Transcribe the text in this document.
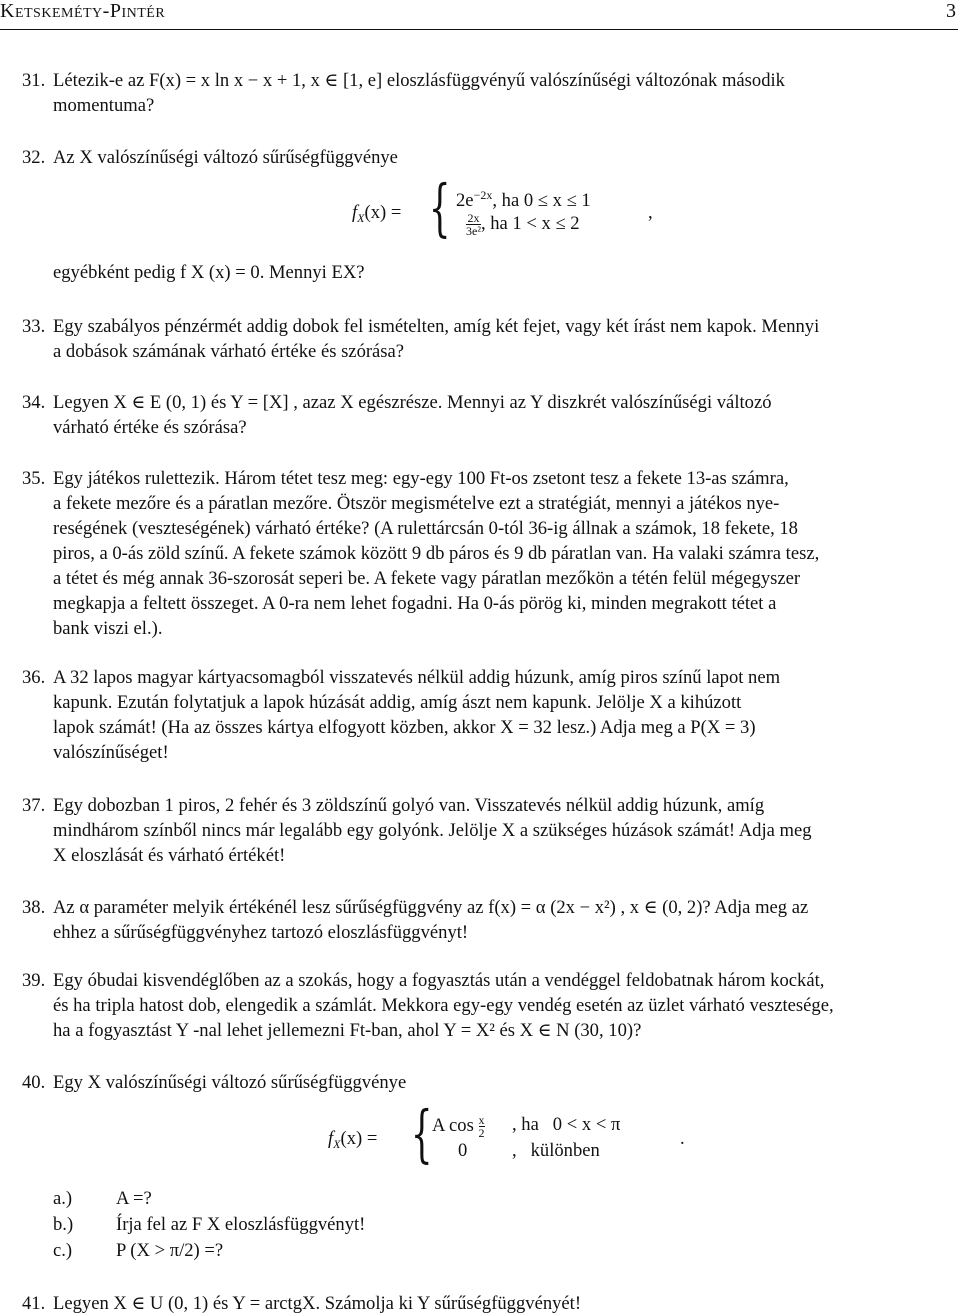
Ketskeméty-Pintér	3
31. Létezik-e az F(x) = x ln x − x + 1, x ∈ [1, e] eloszlásfüggvényű valószínűségi változónak második
momentuma?
32. Az X valószínűségi változó sűrűségfüggvénye
$f_X(x)$ = { $2e^{-2x}$, ha 0 ≤ x ≤ 1
$\frac{2x}{\text{3e²}}$ , ha 1 < x ≤ 2
,
egyébként pedig f X (x) = 0. Mennyi EX?
33. Egy szabályos pénzérmét addig dobok fel ismételten, amíg két fejet, vagy két írást nem kapok. Mennyi
a dobások számának várható értéke és szórása?
34. Legyen X ∈ E (0, 1) és Y = [X] , azaz X egészrésze. Mennyi az Y diszkrét valószínűségi változó
várható értéke és szórása?
35. Egy játékos rulettezik. Három tétet tesz meg: egy-egy 100 Ft-os zsetont tesz a fekete 13-as számra,
a fekete mezőre és a páratlan mezőre. Ötször megismételve ezt a stratégiát, mennyi a játékos nye-
reségének (veszteségének) várható értéke? (A rulettárcsán 0-tól 36-ig állnak a számok, 18 fekete, 18
piros, a 0-ás zöld színű. A fekete számok között 9 db páros és 9 db páratlan van. Ha valaki számra tesz,
a tétet és még annak 36-szorosát seperi be. A fekete vagy páratlan mezőkön a tétén felül mégegyszer
megkapja a feltett összeget. A 0-ra nem lehet fogadni. Ha 0-ás pörög ki, minden megrakott tétet a
bank viszi el.).
36. A 32 lapos magyar kártyacsomagból visszatevés nélkül addig húzunk, amíg piros színű lapot nem
kapunk. Ezután folytatjuk a lapok húzását addig, amíg ászt nem kapunk. Jelölje X a kihúzott
lapok számát! (Ha az összes kártya elfogyott közben, akkor X = 32 lesz.) Adja meg a P(X = 3)
valószínűséget!
37. Egy dobozban 1 piros, 2 fehér és 3 zöldszínű golyó van. Visszatevés nélkül addig húzunk, amíg
mindhárom színből nincs már legalább egy golyónk. Jelölje X a szükséges húzások számát! Adja meg
X eloszlását és várható értékét!
38. Az α paraméter melyik értékénél lesz sűrűségfüggvény az f(x) = α (2x − x²) , x ∈ (0, 2)? Adja meg az
ehhez a sűrűségfüggvényhez tartozó eloszlásfüggvényt!
39. Egy óbudai kisvendéglőben az a szokás, hogy a fogyasztás után a vendéggel feldobatnak három kockát,
és ha tripla hatost dob, elengedik a számlát. Mekkora egy-egy vendég esetén az üzlet várható vesztesége,
ha a fogyasztást Y -nal lehet jellemezni Ft-ban, ahol Y = X² és X ∈ N (30, 10)?
40. Egy X valószínűségi változó sűrűségfüggvénye
$f_X(x)$ = { A $\cos \frac{x}{2}$ , ha   0 < x < π
0 ,   különben
.
a.) A =?
b.) Írja fel az F X eloszlásfüggvényt!
c.) P (X > π/2) =?
41. Legyen X ∈ U (0, 1) és Y = arctgX. Számolja ki Y sűrűségfüggvényét!
